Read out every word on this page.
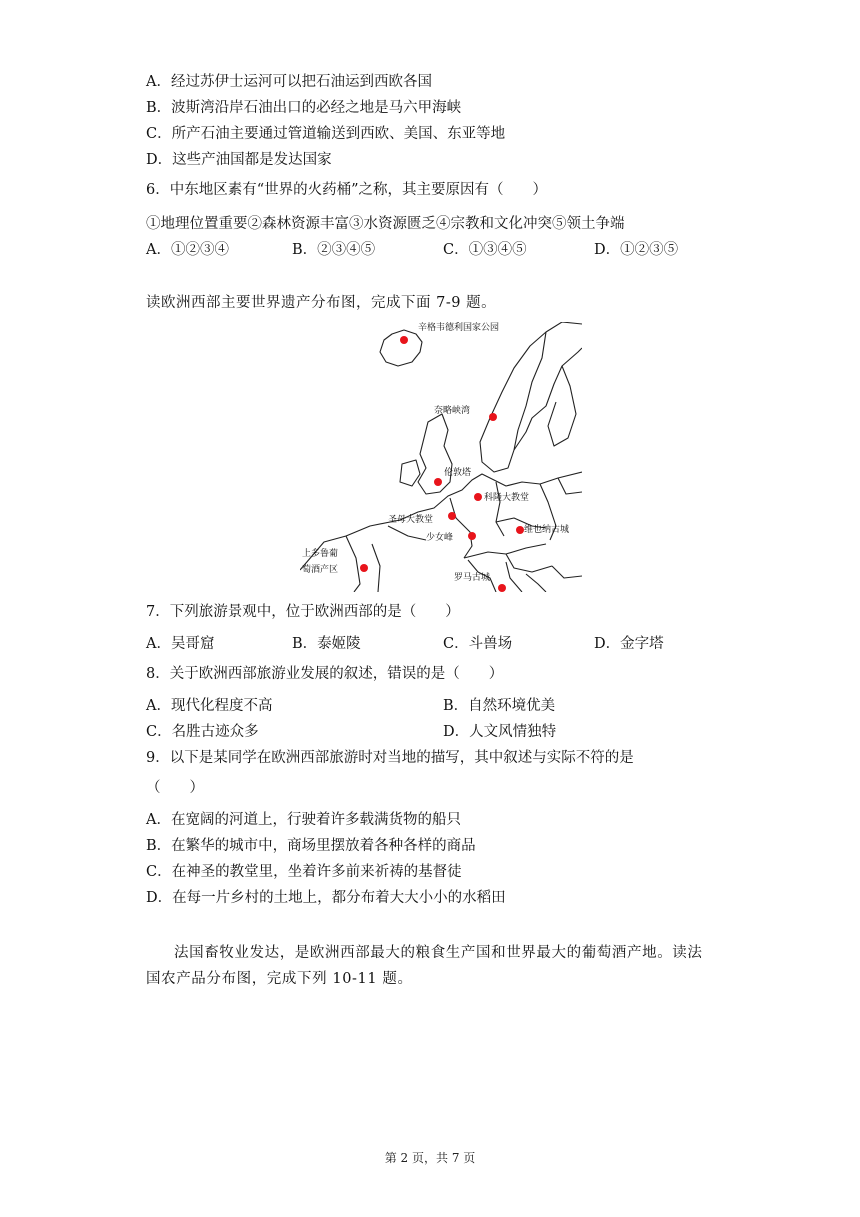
A．经过苏伊士运河可以把石油运到西欧各国
B．波斯湾沿岸石油出口的必经之地是马六甲海峡
C．所产石油主要通过管道输送到西欧、美国、东亚等地
D．这些产油国都是发达国家
6．中东地区素有“世界的火药桶”之称，其主要原因有（　　）
①地理位置重要②森林资源丰富③水资源匮乏④宗教和文化冲突⑤领土争端
A．①②③④	B．②③④⑤	C．①③④⑤	D．①②③⑤
读欧洲西部主要世界遗产分布图，完成下面 7-9 题。
辛格韦德利国家公园
奈略峡湾
伦敦塔
科隆大教堂
圣母大教堂
少女峰
维也纳古城
上多鲁葡
萄酒产区
罗马古城
7．下列旅游景观中，位于欧洲西部的是（　　）
A．吴哥窟	B．泰姬陵	C．斗兽场	D．金字塔
8．关于欧洲西部旅游业发展的叙述，错误的是（　　）
A．现代化程度不高	B．自然环境优美
C．名胜古迹众多	D．人文风情独特
9．以下是某同学在欧洲西部旅游时对当地的描写，其中叙述与实际不符的是
（　　）
A．在宽阔的河道上，行驶着许多载满货物的船只
B．在繁华的城市中，商场里摆放着各种各样的商品
C．在神圣的教堂里，坐着许多前来祈祷的基督徒
D．在每一片乡村的土地上，都分布着大大小小的水稻田
法国畜牧业发达，是欧洲西部最大的粮食生产国和世界最大的葡萄酒产地。读法国农产品分布图，完成下列 10-11 题。
第 2 页，共 7 页
